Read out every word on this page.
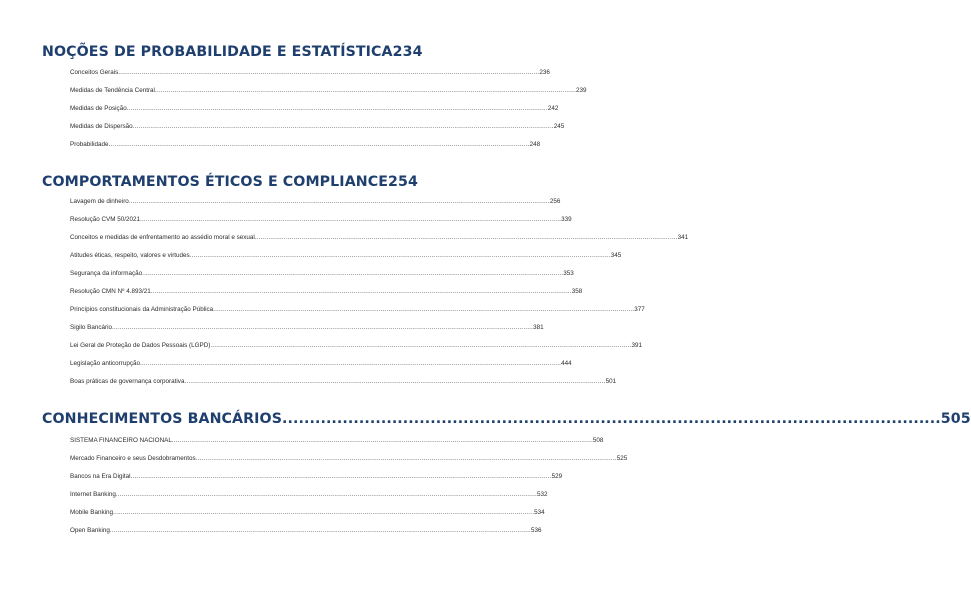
NOÇÕES DE PROBABILIDADE E ESTATÍSTICA 234
Conceitos Gerais .....	236
Medidas de Tendência Central .....	239
Medidas de Posição .....	242
Medidas de Dispersão .....	245
Probabilidade .....	248
COMPORTAMENTOS ÉTICOS E COMPLIANCE 254
Lavagem de dinheiro .....	256
Resolução CVM 50/2021 .....	339
Conceitos e medidas de enfrentamento ao assédio moral e sexual. .....	341
Atitudes éticas, respeito, valores e virtudes .....	345
Segurança da informação .....	353
Resolução CMN Nº 4.893/21 .....	358
Princípios constitucionais da Administração Pública .....	377
Sigilo Bancário .....	381
Lei Geral de Proteção de Dados Pessoais (LGPD) .....	391
Legislação anticorrupção .....	444
Boas práticas de governança corporativa .....	501
CONHECIMENTOS BANCÁRIOS .....	505
SISTEMA FINANCEIRO NACIONAL .....	508
Mercado Financeiro e seus Desdobramentos .....	525
Bancos na Era Digital .....	529
Internet Banking .....	532
Mobile Banking .....	534
Open Banking .....	536
